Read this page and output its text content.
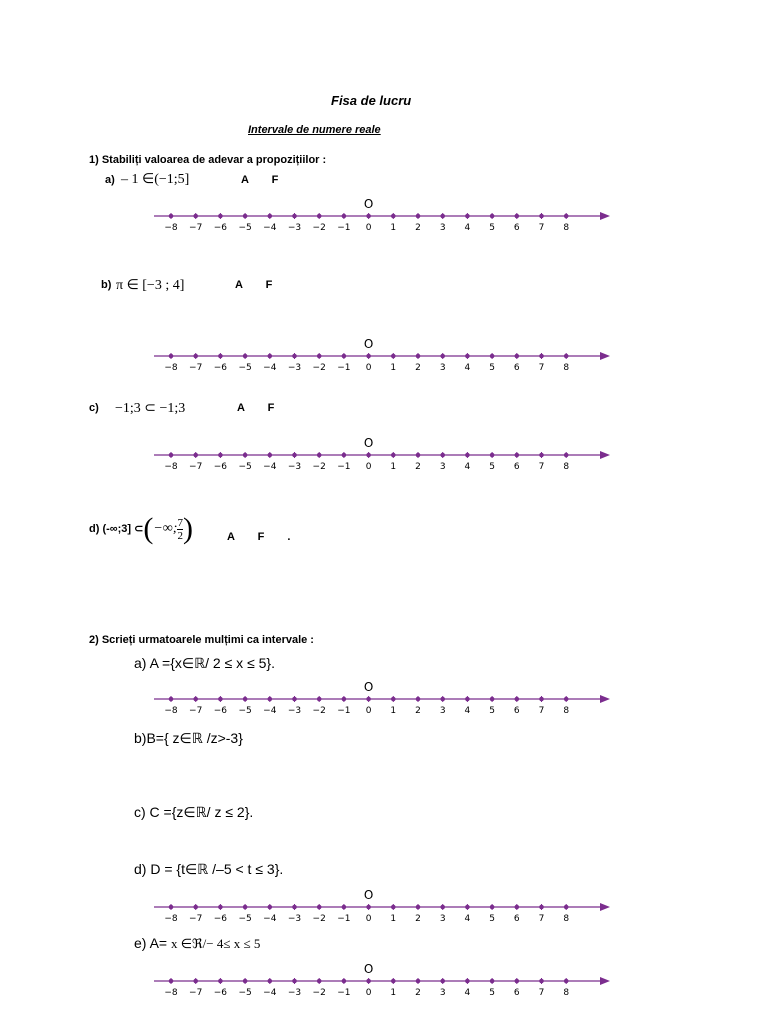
Fisa de lucru
Intervale de numere reale
1) Stabiliți valoarea de adevar a propozițiilor :
a) – 1 ∈(−1;5]	A F
O
−8 −7 −6 −5 −4 −3 −2 −1 0 1 2 3 4 5 6 7 8
b) π ∈ [−3 ; 4]	A F
O
−8 −7 −6 −5 −4 −3 −2 −1 0 1 2 3 4 5 6 7 8
c) −1;3 ⊂ −1;3	A F
O
−8 −7 −6 −5 −4 −3 −2 −1 0 1 2 3 4 5 6 7 8
d) (-∞;3] ⊂(−∞; $\frac{7}{2}$ )	A F .
2) Scrieți urmatoarele mulțimi ca intervale :
a) A ={x∈ℝ/ 2 ≤ x ≤ 5}.
O
−8 −7 −6 −5 −4 −3 −2 −1 0 1 2 3 4 5 6 7 8
b)B={ z∈ℝ /z>-3}
c) C ={z∈ℝ/ z ≤ 2}.
d) D = {t∈ℝ /–5 < t ≤ 3}.
O
−8 −7 −6 −5 −4 −3 −2 −1 0 1 2 3 4 5 6 7 8
e) A= x ∈ℜ/− 4≤ x ≤ 5
O
−8 −7 −6 −5 −4 −3 −2 −1 0 1 2 3 4 5 6 7 8
